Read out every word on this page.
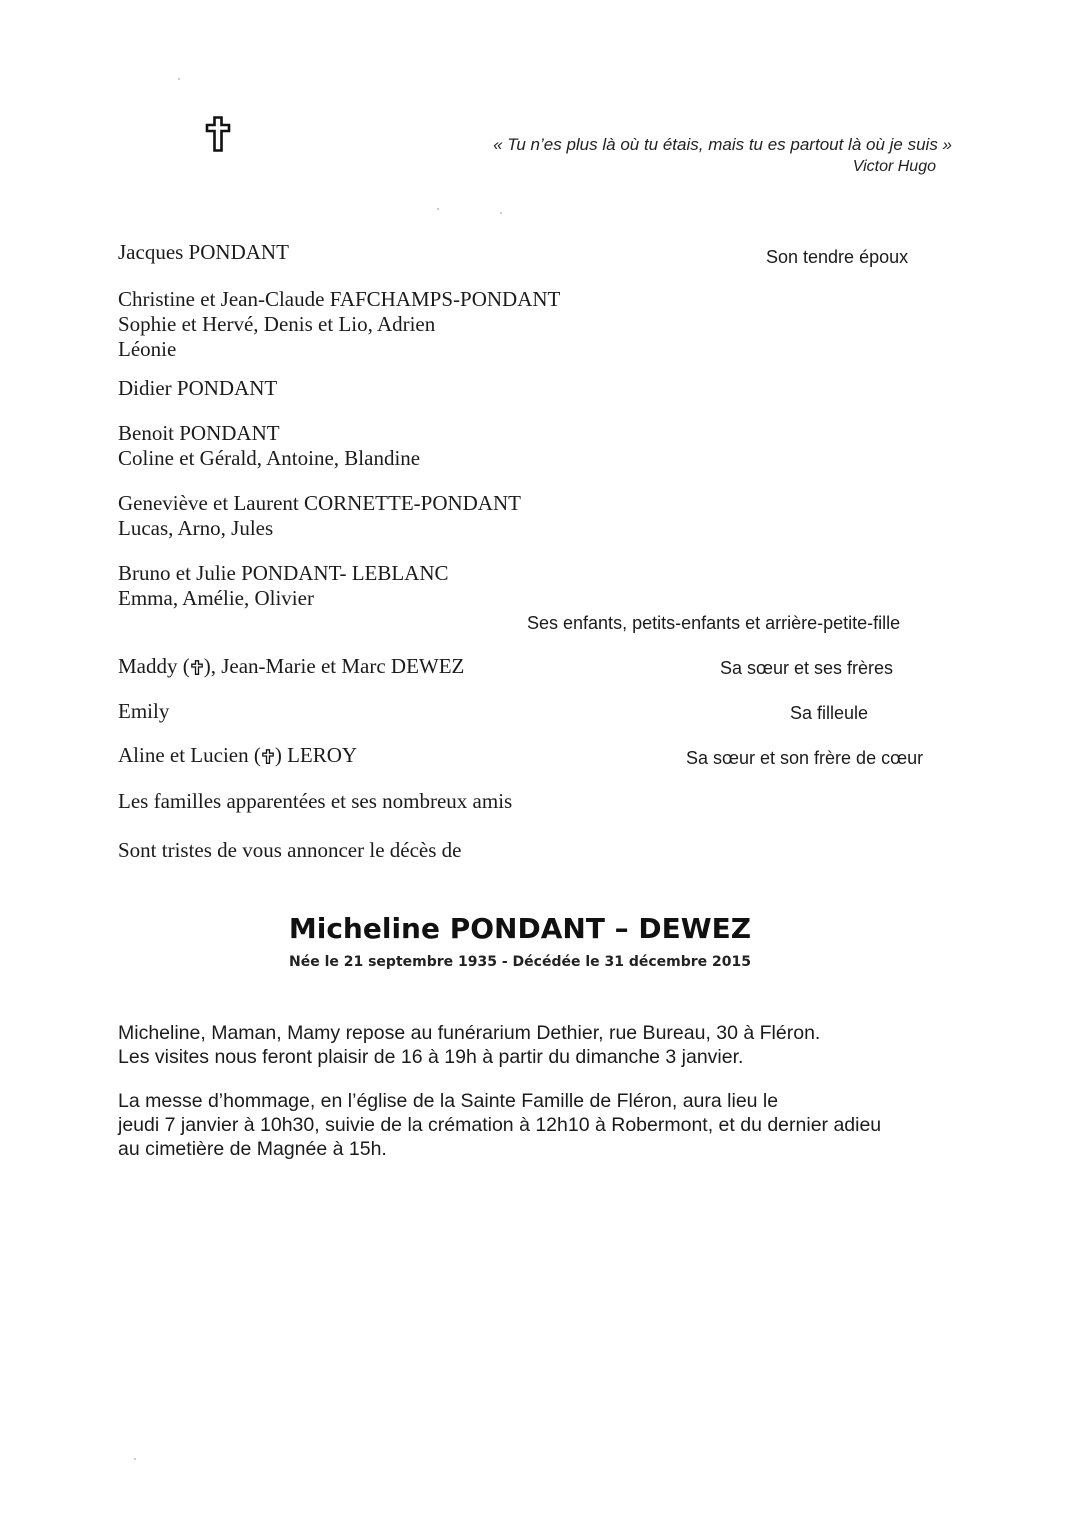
« Tu n’es plus là où tu étais, mais tu es partout là où je suis »
Victor Hugo
Jacques PONDANT	Son tendre époux
Christine et Jean-Claude FAFCHAMPS-PONDANT
Sophie et Hervé, Denis et Lio, Adrien
Léonie
Didier PONDANT
Benoit PONDANT
Coline et Gérald, Antoine, Blandine
Geneviève et Laurent CORNETTE-PONDANT
Lucas, Arno, Jules
Bruno et Julie PONDANT- LEBLANC
Emma, Amélie, Olivier
Ses enfants, petits-enfants et arrière-petite-fille
Maddy ( ), Jean-Marie et Marc DEWEZ	Sa sœur et ses frères
Emily	Sa filleule
Aline et Lucien ( ) LEROY	Sa sœur et son frère de cœur
Les familles apparentées et ses nombreux amis
Sont tristes de vous annoncer le décès de
Micheline PONDANT – DEWEZ
Née le 21 septembre 1935 - Décédée le 31 décembre 2015
Micheline, Maman, Mamy repose au funérarium Dethier, rue Bureau, 30 à Fléron.
Les visites nous feront plaisir de 16 à 19h à partir du dimanche 3 janvier.
La messe d’hommage, en l’église de la Sainte Famille de Fléron, aura lieu le
jeudi 7 janvier à 10h30, suivie de la crémation à 12h10 à Robermont, et du dernier adieu
au cimetière de Magnée à 15h.
